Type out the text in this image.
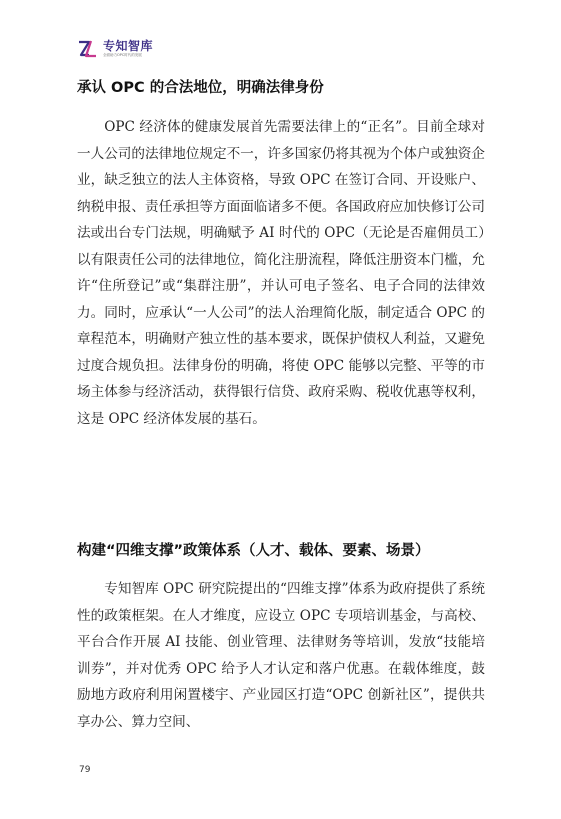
专知智库
全面助力OPC时代的发展
承认 OPC 的合法地位，明确法律身份

OPC 经济体的健康发展首先需要法律上的“正名”。目前全球对一人公司的法律地位规定不一，许多国家仍将其视为个体户或独资企业，缺乏独立的法人主体资格，导致 OPC 在签订合同、开设账户、纳税申报、责任承担等方面面临诸多不便。各国政府应加快修订公司法或出台专门法规，明确赋予 AI 时代的 OPC（无论是否雇佣员工）以有限责任公司的法律地位，简化注册流程，降低注册资本门槛，允许“住所登记”或“集群注册”，并认可电子签名、电子合同的法律效力。同时，应承认“一人公司”的法人治理简化版，制定适合 OPC 的章程范本，明确财产独立性的基本要求，既保护债权人利益，又避免过度合规负担。法律身份的明确，将使 OPC 能够以完整、平等的市场主体参与经济活动，获得银行信贷、政府采购、税收优惠等权利，这是 OPC 经济体发展的基石。

构建“四维支撑”政策体系（人才、载体、要素、场景）

专知智库 OPC 研究院提出的“四维支撑”体系为政府提供了系统性的政策框架。在人才维度，应设立 OPC 专项培训基金，与高校、平台合作开展 AI 技能、创业管理、法律财务等培训，发放“技能培训券”，并对优秀 OPC 给予人才认定和落户优惠。在载体维度，鼓励地方政府利用闲置楼宇、产业园区打造“OPC 创新社区”，提供共享办公、算力空间、

79
